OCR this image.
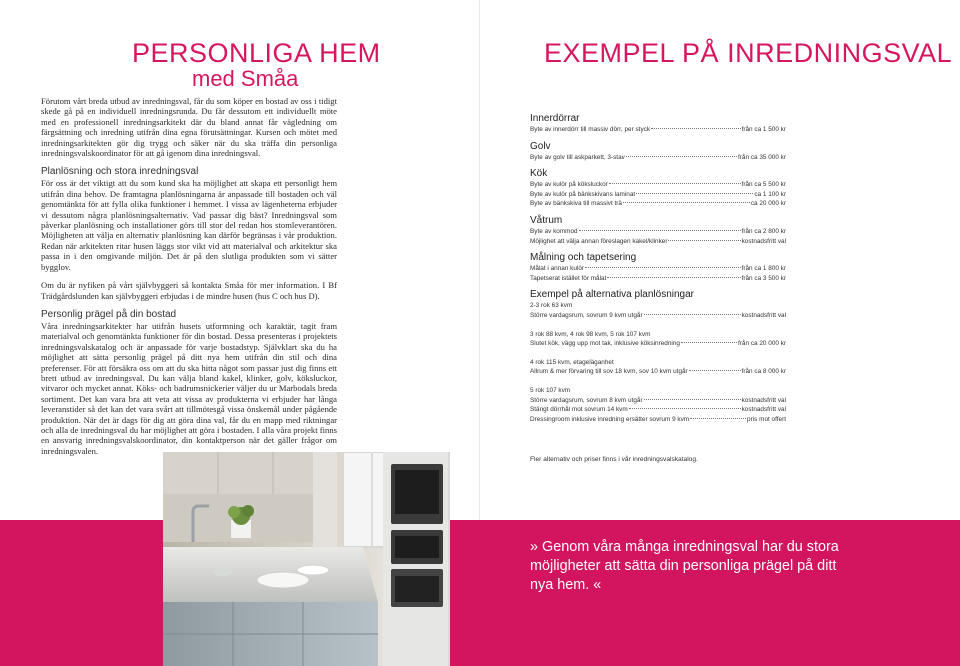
PERSONLIGA HEM
med Småa

Förutom vårt breda utbud av inredningsval, får du som köper en bostad av oss i tidigt skede gå på en individuell inredningsrunda. Du får dessutom ett individuellt möte med en professionell inredningsarkitekt där du bland annat får vägledning om färgsättning och inredning utifrån dina egna förutsättningar. Kursen och mötet med inredningsarkitekten gör dig trygg och säker när du ska träffa din personliga inredningsvalskoordinator för att gå igenom dina inredningsval.

Planlösning och stora inredningsval

För oss är det viktigt att du som kund ska ha möjlighet att skapa ett personligt hem utifrån dina behov. De framtagna planlösningarna är anpassade till bostaden och väl genomtänkta för att fylla olika funktioner i hemmet. I vissa av lägenheterna erbjuder vi dessutom några planlösningsalternativ. Vad passar dig bäst? Inredningsval som påverkar planlösning och installationer görs till stor del redan hos stomleverantören. Möjligheten att välja en alternativ planlösning kan därför begränsas i vår produktion. Redan när arkitekten ritar husen läggs stor vikt vid att materialval och arkitektur ska passa in i den omgivande miljön. Det är på den slutliga produkten som vi sätter bygglov.

Om du är nyfiken på vårt självbyggeri så kontakta Småa för mer information. I Bf Trädgårdslunden kan självbyggeri erbjudas i de mindre husen (hus C och hus D).

Personlig prägel på din bostad

Våra inredningsarkitekter har utifrån husets utformning och karaktär, tagit fram materialval och genomtänkta funktioner för din bostad. Dessa presenteras i projektets inredningsvalskatalog och är anpassade för varje bostadstyp. Självklart ska du ha möjlighet att sätta personlig prägel på ditt nya hem utifrån din stil och dina preferenser. För att försäkra oss om att du ska hitta något som passar just dig finns ett brett utbud av inredningsval. Du kan välja bland kakel, klinker, golv, köksluckor, vitvaror och mycket annat. Köks- och badrumsnickerier väljer du ur Marbodals breda sortiment. Det kan vara bra att veta att vissa av produkterna vi erbjuder har långa leveranstider så det kan det vara svårt att tillmötesgå vissa önskemål under pågående produktion. När det är dags för dig att göra dina val, får du en mapp med riktningar och alla de inredningsval du har möjlighet att göra i bostaden. I alla våra projekt finns en ansvarig inredningsvalskoordinator, din kontaktperson när det gäller frågor om inredningsvalen.

EXEMPEL PÅ INREDNINGSVAL
Innerdörrar
Byte av innerdörr till massiv dörr, per styck	från ca 1 500 kr
Golv
Byte av golv till askparkett, 3-stav	från ca 35 000 kr
Kök
Byte av kulör på köksluckor	från ca 5 500 kr
Byte av kulör på bänkskivans laminat	ca 1 100 kr
Byte av bänkskiva till massivt trä	ca 20 000 kr
Våtrum
Byte av kommod	från ca 2 800 kr
Möjlighet att välja annan föreslagen kakel/klinker	kostnadsfritt val
Målning och tapetsering
Målat i annan kulör	från ca 1 800 kr
Tapetserat istället för målat	från ca 3 500 kr
Exempel på alternativa planlösningar
2-3 rok 63 kvm
Större vardagsrum, sovrum 9 kvm utgår	kostnadsfritt val
3 rok 88 kvm, 4 rok 98 kvm, 5 rok 107 kvm
Slutet kök, vägg upp mot tak, inklusive köksinredning	från ca 20 000 kr
4 rok 115 kvm, etageläganhet
Allrum & mer förvaring till sov 18 kvm, sov 10 kvm utgår	från ca 8 000 kr
5 rok 107 kvm
Större vardagsrum, sovrum 8 kvm utgår	kostnadsfritt val
Stängt dörrhål mot sovrum 14 kvm	kostnadsfritt val
Dressingroom inklusive inredning ersätter sovrum 9 kvm	pris mot offert
Fler alternativ och priser finns i vår inredningsvalskatalog.
» Genom våra många inredningsval har du stora möjligheter att sätta din personliga prägel på ditt nya hem. «
